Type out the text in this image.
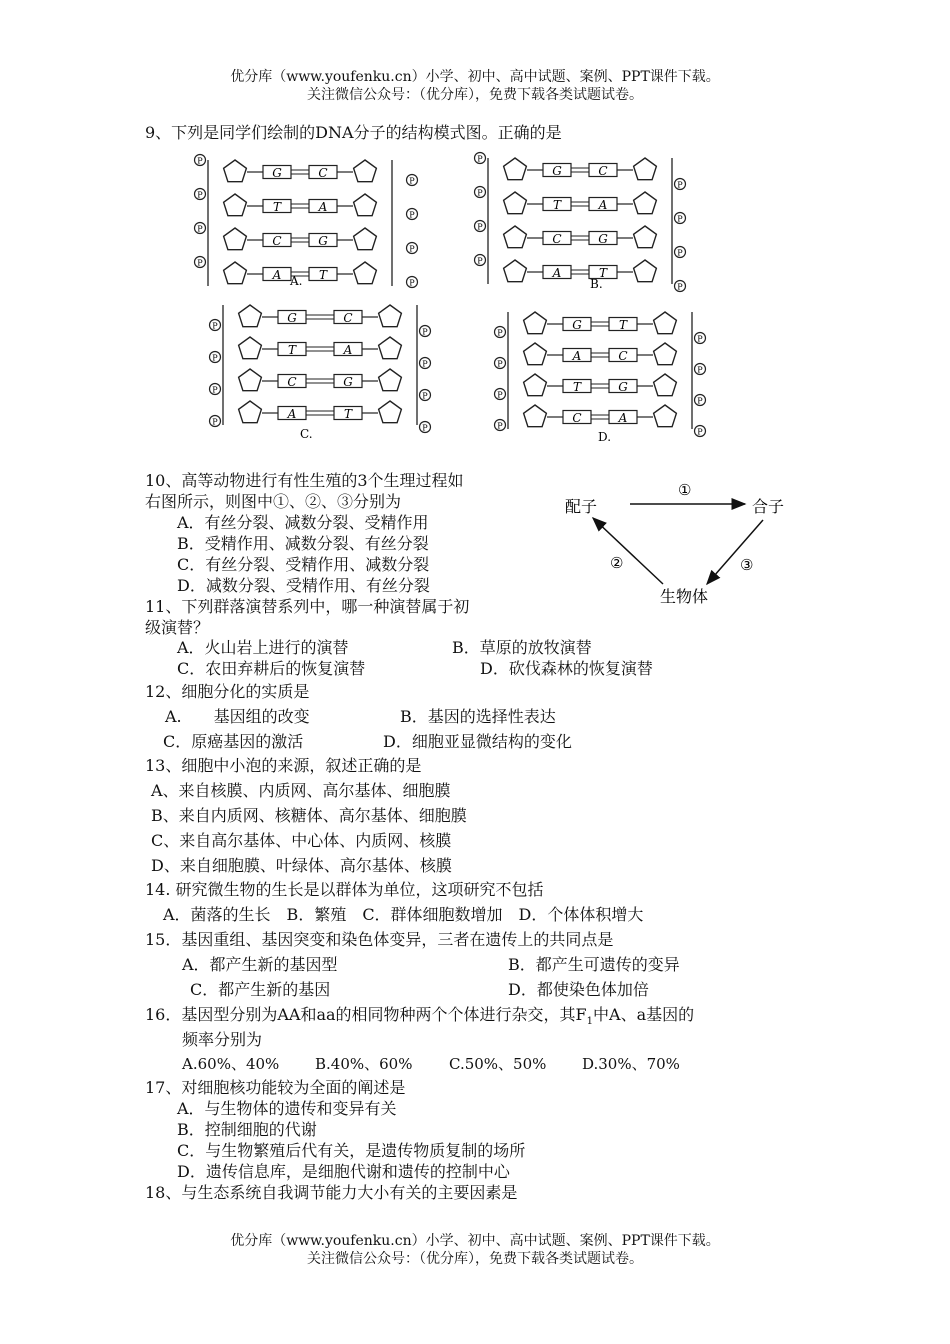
优分库（www.youfenku.cn）小学、初中、高中试题、案例、PPT课件下载。
关注微信公众号：（优分库），免费下载各类试题试卷。
9、下列是同学们绘制的DNA分子的结构模式图。正确的是
P
P
G	C
P
P
T	A
P
P
C	G
P
P
A	T
A.
P
P
G	C
P
P
T	A
P
P
C	G
P
P
A	T
B.
P
P
G	C
P
P
T	A
P
P
C	G
P
P
A	T
C.
P
P
G	T
P
P
A	C
P
P
T	G
P
P
C	A
D.
10、高等动物进行有性生殖的3个生理过程如
右图所示，则图中①、②、③分别为
A．有丝分裂、减数分裂、受精作用
B．受精作用、减数分裂、有丝分裂
C．有丝分裂、受精作用、减数分裂
D．减数分裂、受精作用、有丝分裂
配子	合子
生物体
①
②	③
11、下列群落演替系列中，哪一种演替属于初
级演替？
A．火山岩上进行的演替	B．草原的放牧演替
C．农田弃耕后的恢复演替	D．砍伐森林的恢复演替
12、细胞分化的实质是
A.　　基因组的改变	B．基因的选择性表达
C．原癌基因的激活	D．细胞亚显微结构的变化
13、细胞中小泡的来源，叙述正确的是
A、来自核膜、内质网、高尔基体、细胞膜
B、来自内质网、核糖体、高尔基体、细胞膜
C、来自高尔基体、中心体、内质网、核膜
D、来自细胞膜、叶绿体、高尔基体、核膜
14. 研究微生物的生长是以群体为单位，这项研究不包括
A．菌落的生长　B．繁殖　C．群体细胞数增加　D．个体体积增大
15．基因重组、基因突变和染色体变异，三者在遗传上的共同点是
A．都产生新的基因型	B．都产生可遗传的变异
C．都产生新的基因	D．都使染色体加倍
16．基因型分别为AA和aa的相同物种两个个体进行杂交，其$F_1$中A、a基因的
频率分别为
A.60%、40% B.40%、60% C.50%、50% D.30%、70%
17、对细胞核功能较为全面的阐述是
A．与生物体的遗传和变异有关
B．控制细胞的代谢
C．与生物繁殖后代有关，是遗传物质复制的场所
D．遗传信息库，是细胞代谢和遗传的控制中心
18、与生态系统自我调节能力大小有关的主要因素是
优分库（www.youfenku.cn）小学、初中、高中试题、案例、PPT课件下载。
关注微信公众号：（优分库），免费下载各类试题试卷。
